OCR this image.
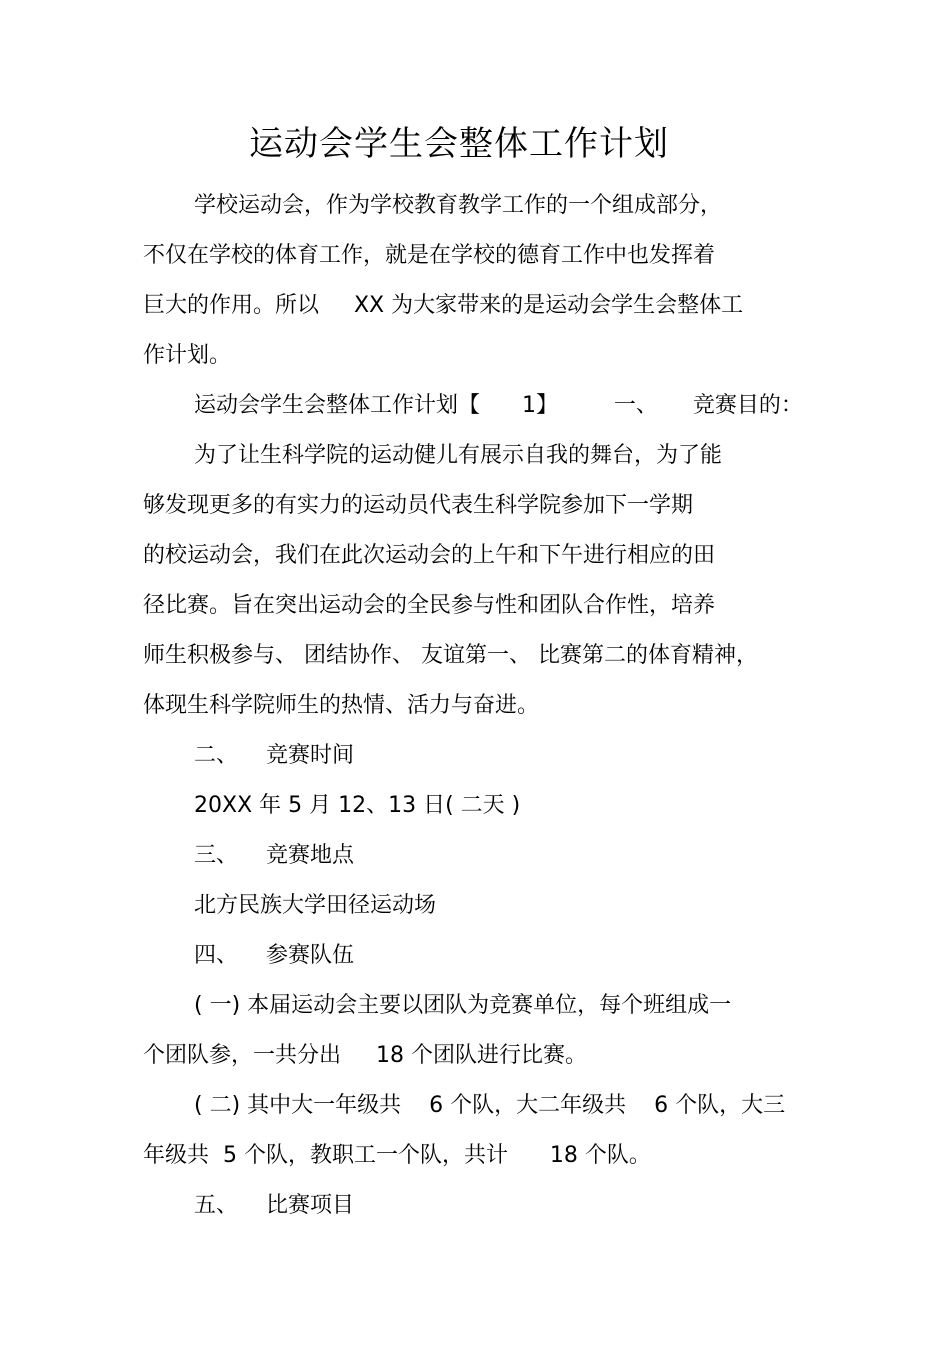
运动会学生会整体工作计划
学校运动会，作为学校教育教学工作的一个组成部分，
不仅在学校的体育工作，就是在学校的德育工作中也发挥着
巨大的作用。所以     XX 为大家带来的是运动会学生会整体工
作计划。
运动会学生会整体工作计划【      1】        一、     竞赛目的：
为了让生科学院的运动健儿有展示自我的舞台，为了能
够发现更多的有实力的运动员代表生科学院参加下一学期
的校运动会，我们在此次运动会的上午和下午进行相应的田
径比赛。旨在突出运动会的全民参与性和团队合作性，培养
师生积极参与、 团结协作、 友谊第一、 比赛第二的体育精神，
体现生科学院师生的热情、活力与奋进。
二、    竞赛时间
20XX 年 5 月 12、13 日( 二天 )
三、    竞赛地点
北方民族大学田径运动场
四、    参赛队伍
( 一) 本届运动会主要以团队为竞赛单位，每个班组成一
个团队参，一共分出     18 个团队进行比赛。
( 二) 其中大一年级共    6 个队，大二年级共    6 个队，大三
年级共  5 个队，教职工一个队，共计      18 个队。
五、    比赛项目
